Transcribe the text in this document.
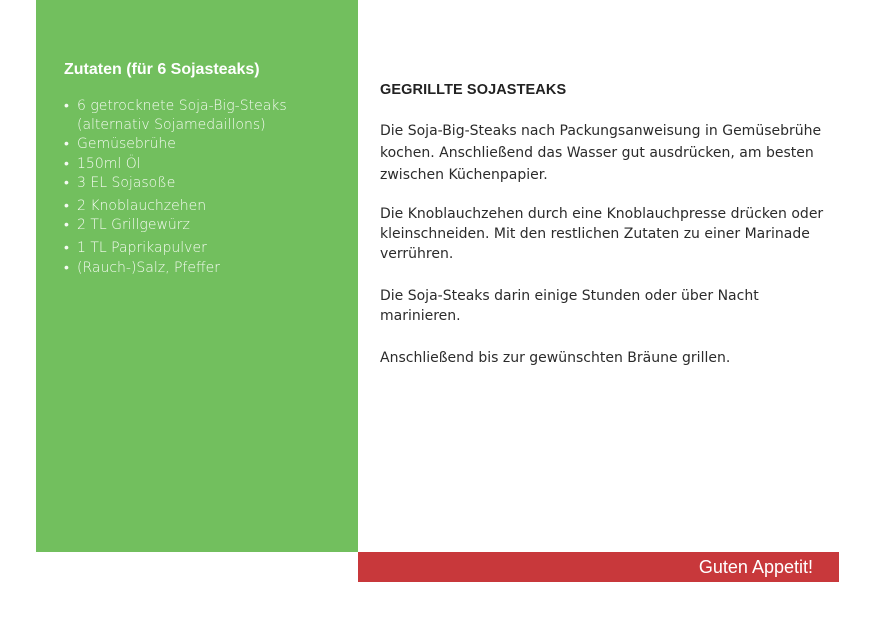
Zutaten (für 6 Sojasteaks)
• 6 getrocknete Soja-Big-Steaks
(alternativ Sojamedaillons)
• Gemüsebrühe
• 150ml Öl
• 3 EL Sojasoße
• 2 Knoblauchzehen
• 2 TL Grillgewürz
• 1 TL Paprikapulver
• (Rauch-)Salz, Pfeffer
GEGRILLTE SOJASTEAKS

Die Soja-Big-Steaks nach Packungsanweisung in Gemüsebrühe kochen. Anschließend das Wasser gut ausdrücken, am besten zwischen Küchenpapier.

Die Knoblauchzehen durch eine Knoblauchpresse drücken oder kleinschneiden. Mit den restlichen Zutaten zu einer Marinade verrühren.

Die Soja-Steaks darin einige Stunden oder über Nacht marinieren.

Anschließend bis zur gewünschten Bräune grillen.

Guten Appetit!
